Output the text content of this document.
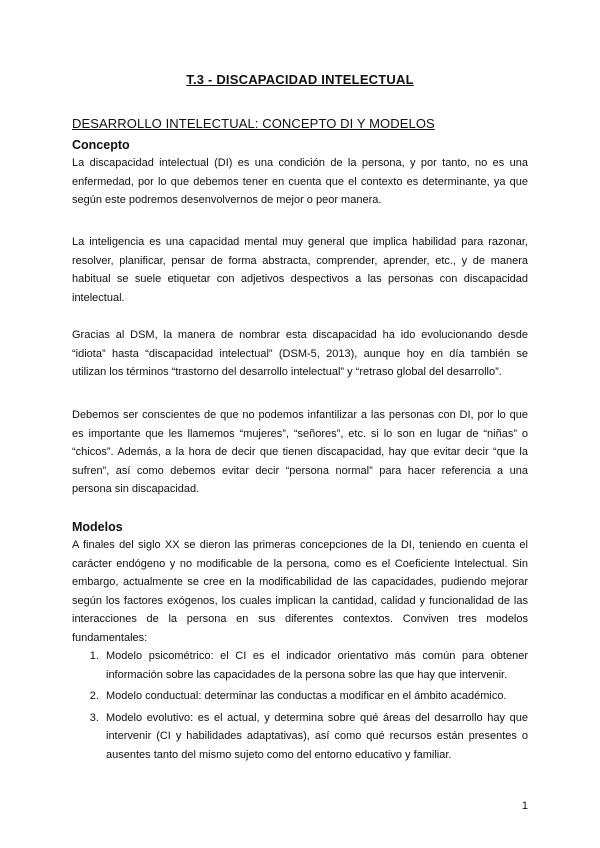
T.3 - DISCAPACIDAD INTELECTUAL
DESARROLLO INTELECTUAL: CONCEPTO DI Y MODELOS

Concepto

La discapacidad intelectual (DI) es una condición de la persona, y por tanto, no es una enfermedad, por lo que debemos tener en cuenta que el contexto es determinante, ya que según este podremos desenvolvernos de mejor o peor manera.

La inteligencia es una capacidad mental muy general que implica habilidad para razonar, resolver, planificar, pensar de forma abstracta, comprender, aprender, etc., y de manera habitual se suele etiquetar con adjetivos despectivos a las personas con discapacidad intelectual.

Gracias al DSM, la manera de nombrar esta discapacidad ha ido evolucionando desde “idiota” hasta “discapacidad intelectual” (DSM-5, 2013), aunque hoy en día también se utilizan los términos “trastorno del desarrollo intelectual” y “retraso global del desarrollo”.

Debemos ser conscientes de que no podemos infantilizar a las personas con DI, por lo que es importante que les llamemos “mujeres”, “señores”, etc. si lo son en lugar de “niñas” o “chicos”. Además, a la hora de decir que tienen discapacidad, hay que evitar decir “que la sufren”, así como debemos evitar decir “persona normal” para hacer referencia a una persona sin discapacidad.

Modelos

A finales del siglo XX se dieron las primeras concepciones de la DI, teniendo en cuenta el carácter endógeno y no modificable de la persona, como es el Coeficiente Intelectual. Sin embargo, actualmente se cree en la modificabilidad de las capacidades, pudiendo mejorar según los factores exógenos, los cuales implican la cantidad, calidad y funcionalidad de las interacciones de la persona en sus diferentes contextos. Conviven tres modelos fundamentales:

1. Modelo psicométrico: el CI es el indicador orientativo más común para obtener información sobre las capacidades de la persona sobre las que hay que intervenir.
2. Modelo conductual: determinar las conductas a modificar en el ámbito académico.
3. Modelo evolutivo: es el actual, y determina sobre qué áreas del desarrollo hay que intervenir (CI y habilidades adaptativas), así como qué recursos están presentes o ausentes tanto del mismo sujeto como del entorno educativo y familiar.
1
